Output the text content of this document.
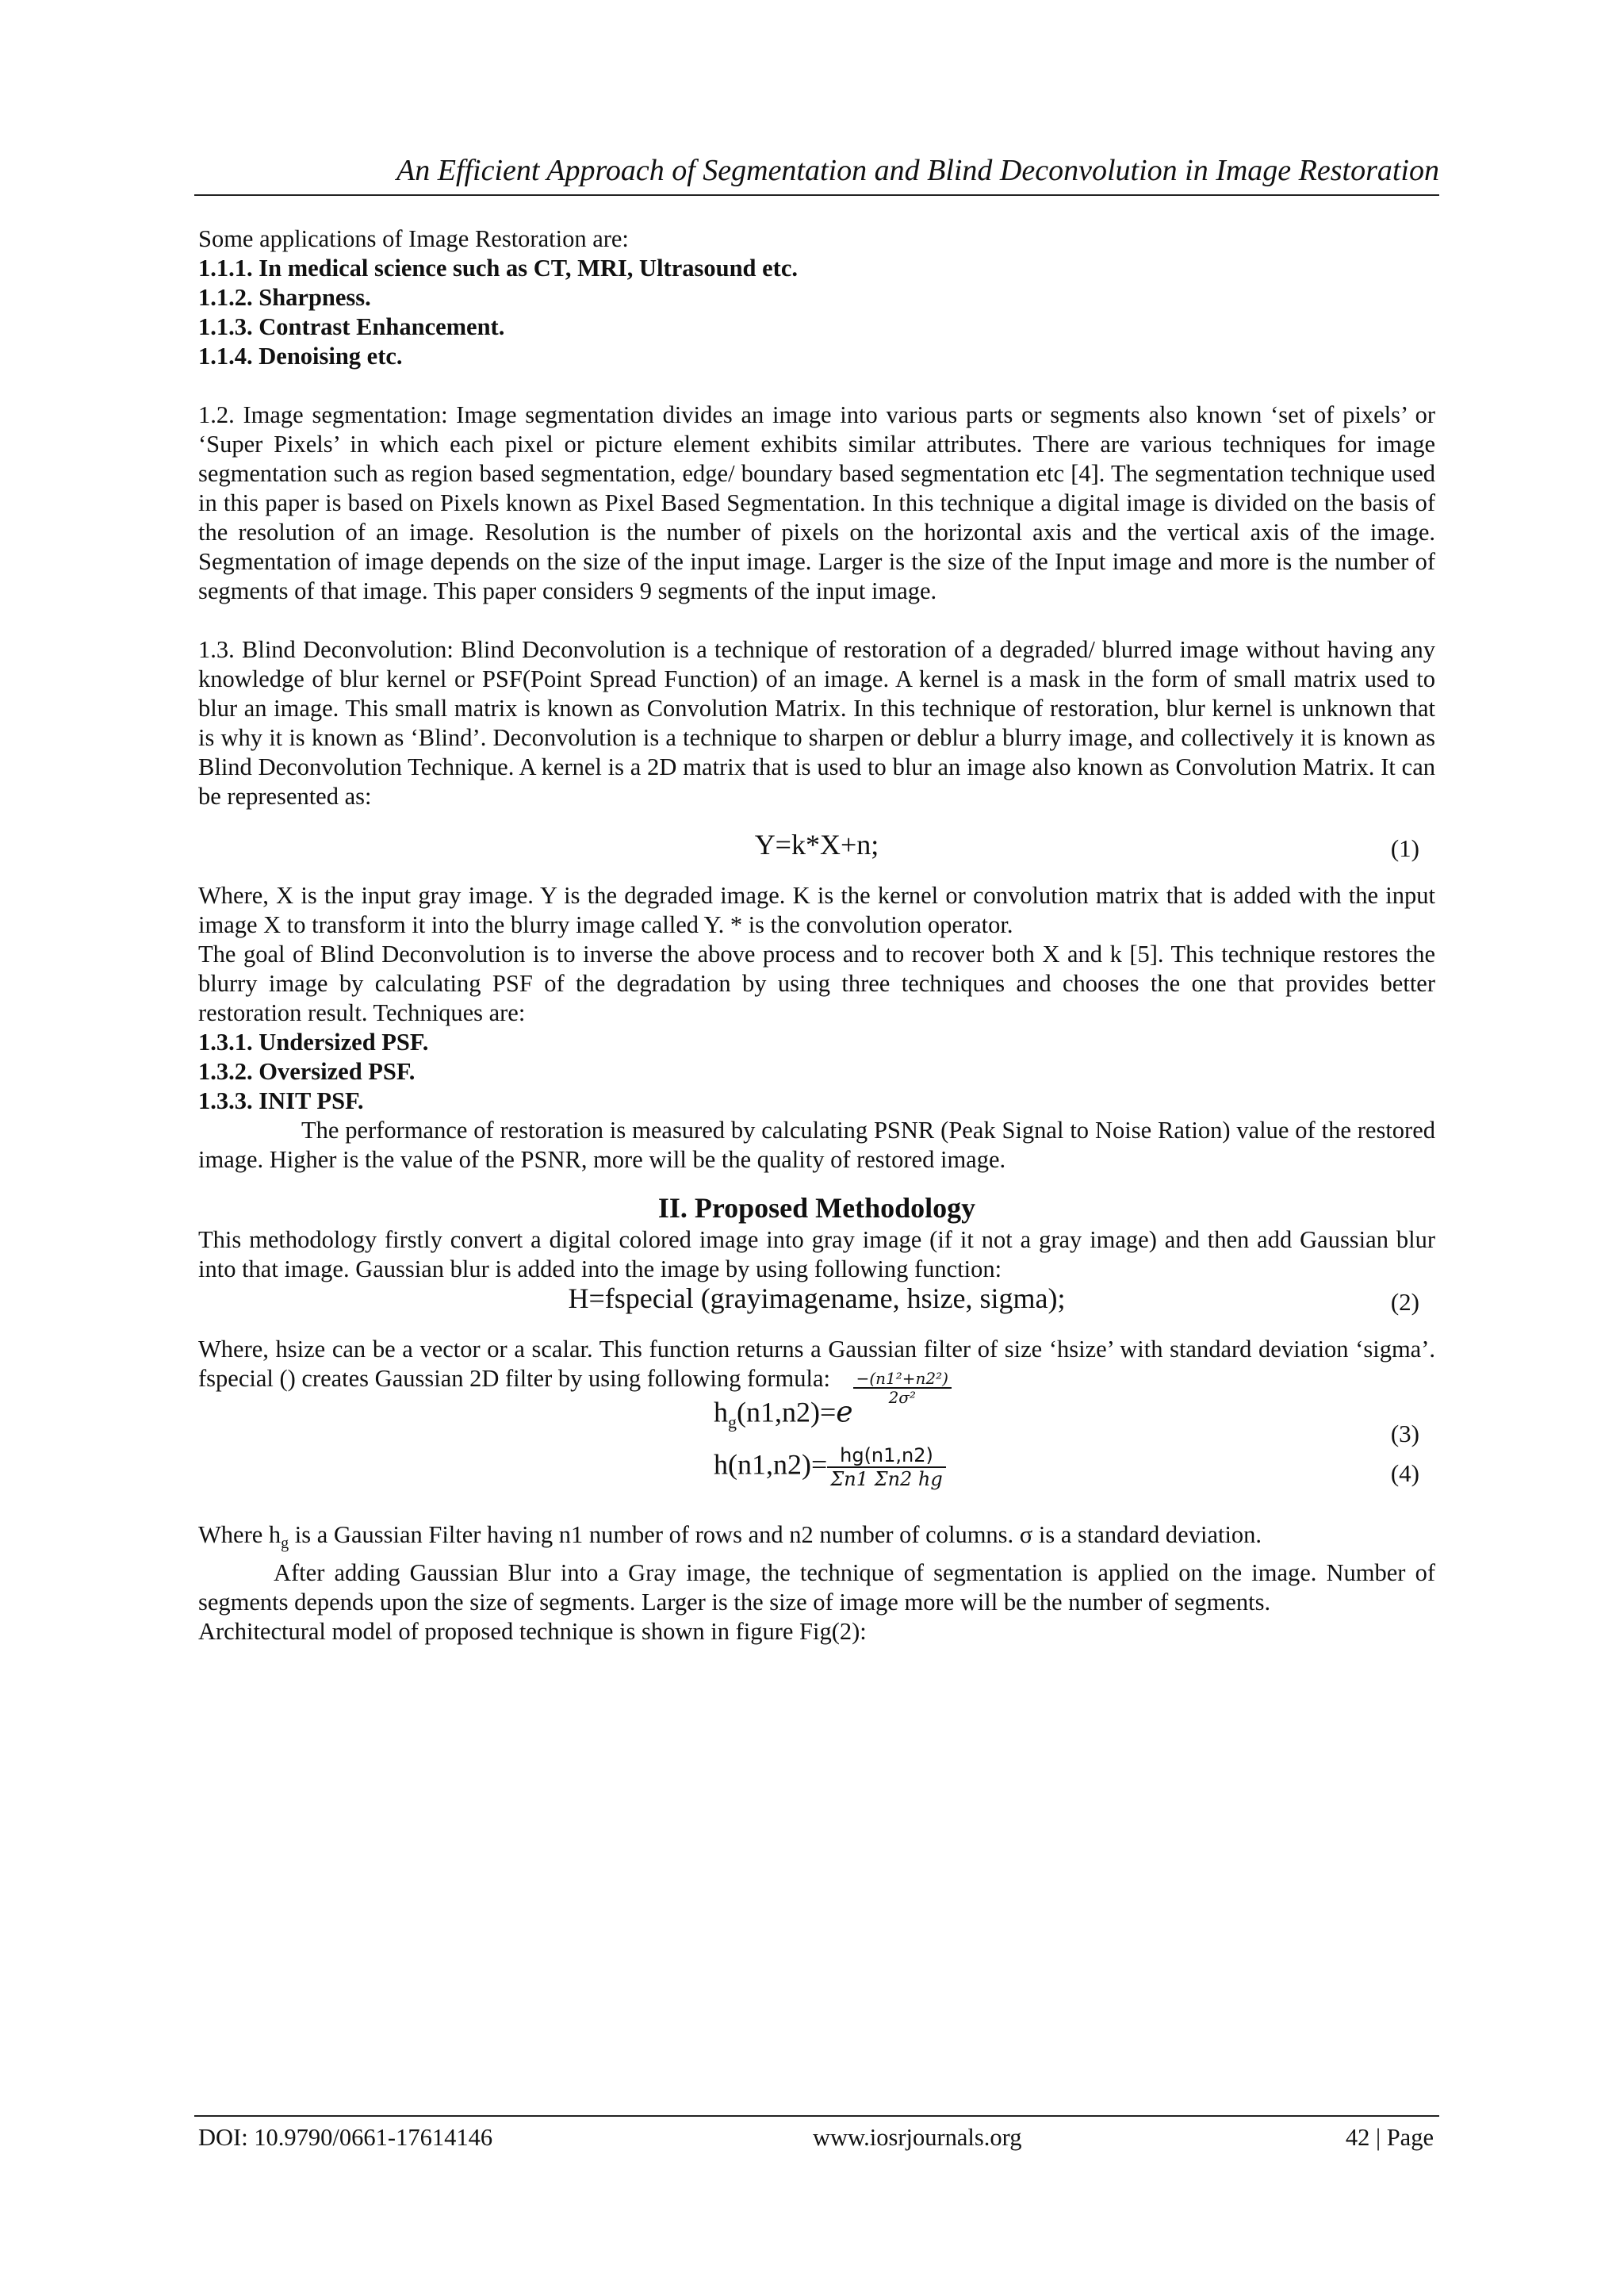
An Efficient Approach of Segmentation and Blind Deconvolution in Image Restoration

Some applications of Image Restoration are:

1.1.1. In medical science such as CT, MRI, Ultrasound etc.

1.1.2. Sharpness.

1.1.3. Contrast Enhancement.

1.1.4. Denoising etc.

1.2. Image segmentation: Image segmentation divides an image into various parts or segments also known ‘set of pixels’ or ‘Super Pixels’ in which each pixel or picture element exhibits similar attributes. There are various techniques for image segmentation such as region based segmentation, edge/ boundary based segmentation etc [4]. The segmentation technique used in this paper is based on Pixels known as Pixel Based Segmentation. In this technique a digital image is divided on the basis of the resolution of an image. Resolution is the number of pixels on the horizontal axis and the vertical axis of the image. Segmentation of image depends on the size of the input image. Larger is the size of the Input image and more is the number of segments of that image. This paper considers 9 segments of the input image.

1.3. Blind Deconvolution: Blind Deconvolution is a technique of restoration of a degraded/ blurred image without having any knowledge of blur kernel or PSF(Point Spread Function) of an image. A kernel is a mask in the form of small matrix used to blur an image. This small matrix is known as Convolution Matrix. In this technique of restoration, blur kernel is unknown that is why it is known as ‘Blind’. Deconvolution is a technique to sharpen or deblur a blurry image, and collectively it is known as Blind Deconvolution Technique. A kernel is a 2D matrix that is used to blur an image also known as Convolution Matrix. It can be represented as:

Y=k*X+n;	(1)

Where, X is the input gray image. Y is the degraded image. K is the kernel or convolution matrix that is added with the input image X to transform it into the blurry image called Y. * is the convolution operator.

The goal of Blind Deconvolution is to inverse the above process and to recover both X and k [5]. This technique restores the blurry image by calculating PSF of the degradation by using three techniques and chooses the one that provides better restoration result. Techniques are:

1.3.1. Undersized PSF.

1.3.2. Oversized PSF.

1.3.3. INIT PSF.

The performance of restoration is measured by calculating PSNR (Peak Signal to Noise Ration) value of the restored image. Higher is the value of the PSNR, more will be the quality of restored image.

II. Proposed Methodology

This methodology firstly convert a digital colored image into gray image (if it not a gray image) and then add Gaussian blur into that image. Gaussian blur is added into the image by using following function:

H=fspecial (grayimagename, hsize, sigma);	(2)

Where, hsize can be a vector or a scalar. This function returns a Gaussian filter of size ‘hsize’ with standard deviation ‘sigma’. fspecial () creates Gaussian 2D filter by using following formula:

$h_g(n1,n2)=e$
$\frac{\text{−(n1²+n2²)}}{\text{2σ²}}$
(3)
$h(n1,n2)= \frac{hg(n1,n2)}{\Sigma n1 \Sigma n2 hg}$	(4)

Where $h_g$ is a Gaussian Filter having n1 number of rows and n2 number of columns. σ is a standard deviation.

After adding Gaussian Blur into a Gray image, the technique of segmentation is applied on the image. Number of segments depends upon the size of segments. Larger is the size of image more will be the number of segments.

Architectural model of proposed technique is shown in figure Fig(2):

DOI: 10.9790/0661-17614146	www.iosrjournals.org	42 | Page
